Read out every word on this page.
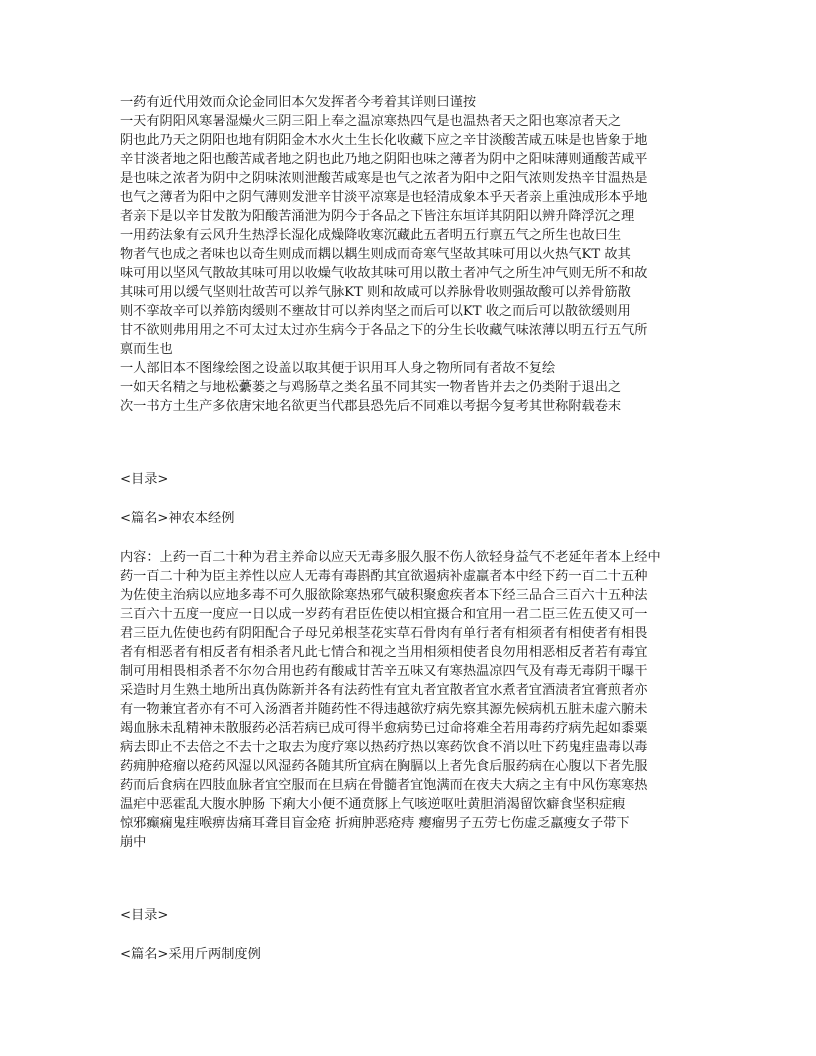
一药有近代用效而众论金同旧本欠发挥者今考着其详则曰谨按
一天有阴阳风寒暑湿燥火三阴三阳上奉之温凉寒热四气是也温热者天之阳也寒凉者天之
阴也此乃天之阴阳也地有阴阳金木水火土生长化收藏下应之辛甘淡酸苦咸五味是也皆象于地
辛甘淡者地之阳也酸苦咸者地之阴也此乃地之阴阳也味之薄者为阴中之阳味薄则通酸苦咸平
是也味之浓者为阴中之阴味浓则泄酸苦咸寒是也气之浓者为阳中之阳气浓则发热辛甘温热是
也气之薄者为阳中之阴气薄则发泄辛甘淡平凉寒是也轻清成象本乎天者亲上重浊成形本乎地
者亲下是以辛甘发散为阳酸苦涌泄为阴今于各品之下皆注东垣详其阴阳以辨升降浮沉之理
一用药法象有云风升生热浮长湿化成燥降收寒沉藏此五者明五行禀五气之所生也故曰生
物者气也成之者味也以奇生则成而耦以耦生则成而奇寒气坚故其味可用以火热气KT 故其
味可用以坚风气散故其味可用以收燥气收故其味可用以散土者冲气之所生冲气则无所不和故
其味可用以缓气坚则壮故苦可以养气脉KT 则和故咸可以养脉骨收则强故酸可以养骨筋散
则不挛故辛可以养筋肉缓则不壅故甘可以养肉坚之而后可以KT 收之而后可以散欲缓则用
甘不欲则弗用用之不可太过太过亦生病今于各品之下的分生长收藏气味浓薄以明五行五气所
禀而生也
一人部旧本不图缘绘图之设盖以取其便于识用耳人身之物所同有者故不复绘
一如天名精之与地松虆蒌之与鸡肠草之类名虽不同其实一物者皆并去之仍类附于退出之
次一书方土生产多依唐宋地名欲更当代郡县恐先后不同难以考据今复考其世称附载卷末
<目录>
<篇名>神农本经例
内容：上药一百二十种为君主养命以应天无毒多服久服不伤人欲轻身益气不老延年者本上经中
药一百二十种为臣主养性以应人无毒有毒斟酌其宜欲遏病补虚羸者本中经下药一百二十五种
为佐使主治病以应地多毒不可久服欲除寒热邪气破积聚愈疾者本下经三品合三百六十五种法
三百六十五度一度应一日以成一岁药有君臣佐使以相宜摄合和宜用一君二臣三佐五使又可一
君三臣九佐使也药有阴阳配合子母兄弟根茎花实草石骨肉有单行者有相须者有相使者有相畏
者有相恶者有相反者有相杀者凡此七情合和视之当用相须相使者良勿用相恶相反者若有毒宜
制可用相畏相杀者不尔勿合用也药有酸咸甘苦辛五味又有寒热温凉四气及有毒无毒阴干曝干
采造时月生熟土地所出真伪陈新并各有法药性有宜丸者宜散者宜水煮者宜酒渍者宜膏煎者亦
有一物兼宜者亦有不可入汤酒者并随药性不得违越欲疗病先察其源先候病机五脏未虚六腑未
竭血脉未乱精神未散服药必活若病已成可得半愈病势已过命将难全若用毒药疗病先起如黍粟
病去即止不去倍之不去十之取去为度疗寒以热药疗热以寒药饮食不消以吐下药鬼疰蛊毒以毒
药痈肿疮瘤以疮药风湿以风湿药各随其所宜病在胸膈以上者先食后服药病在心腹以下者先服
药而后食病在四肢血脉者宜空服而在旦病在骨髓者宜饱满而在夜夫大病之主有中风伤寒寒热
温疟中恶霍乱大腹水肿肠 下痢大小便不通贲豚上气咳逆呕吐黄胆消渴留饮癖食坚积症瘕
惊邪癫痫鬼疰喉痹齿痛耳聋目盲金疮 折痈肿恶疮痔 瘿瘤男子五劳七伤虚乏羸瘦女子带下
崩中
<目录>
<篇名>采用斤两制度例
